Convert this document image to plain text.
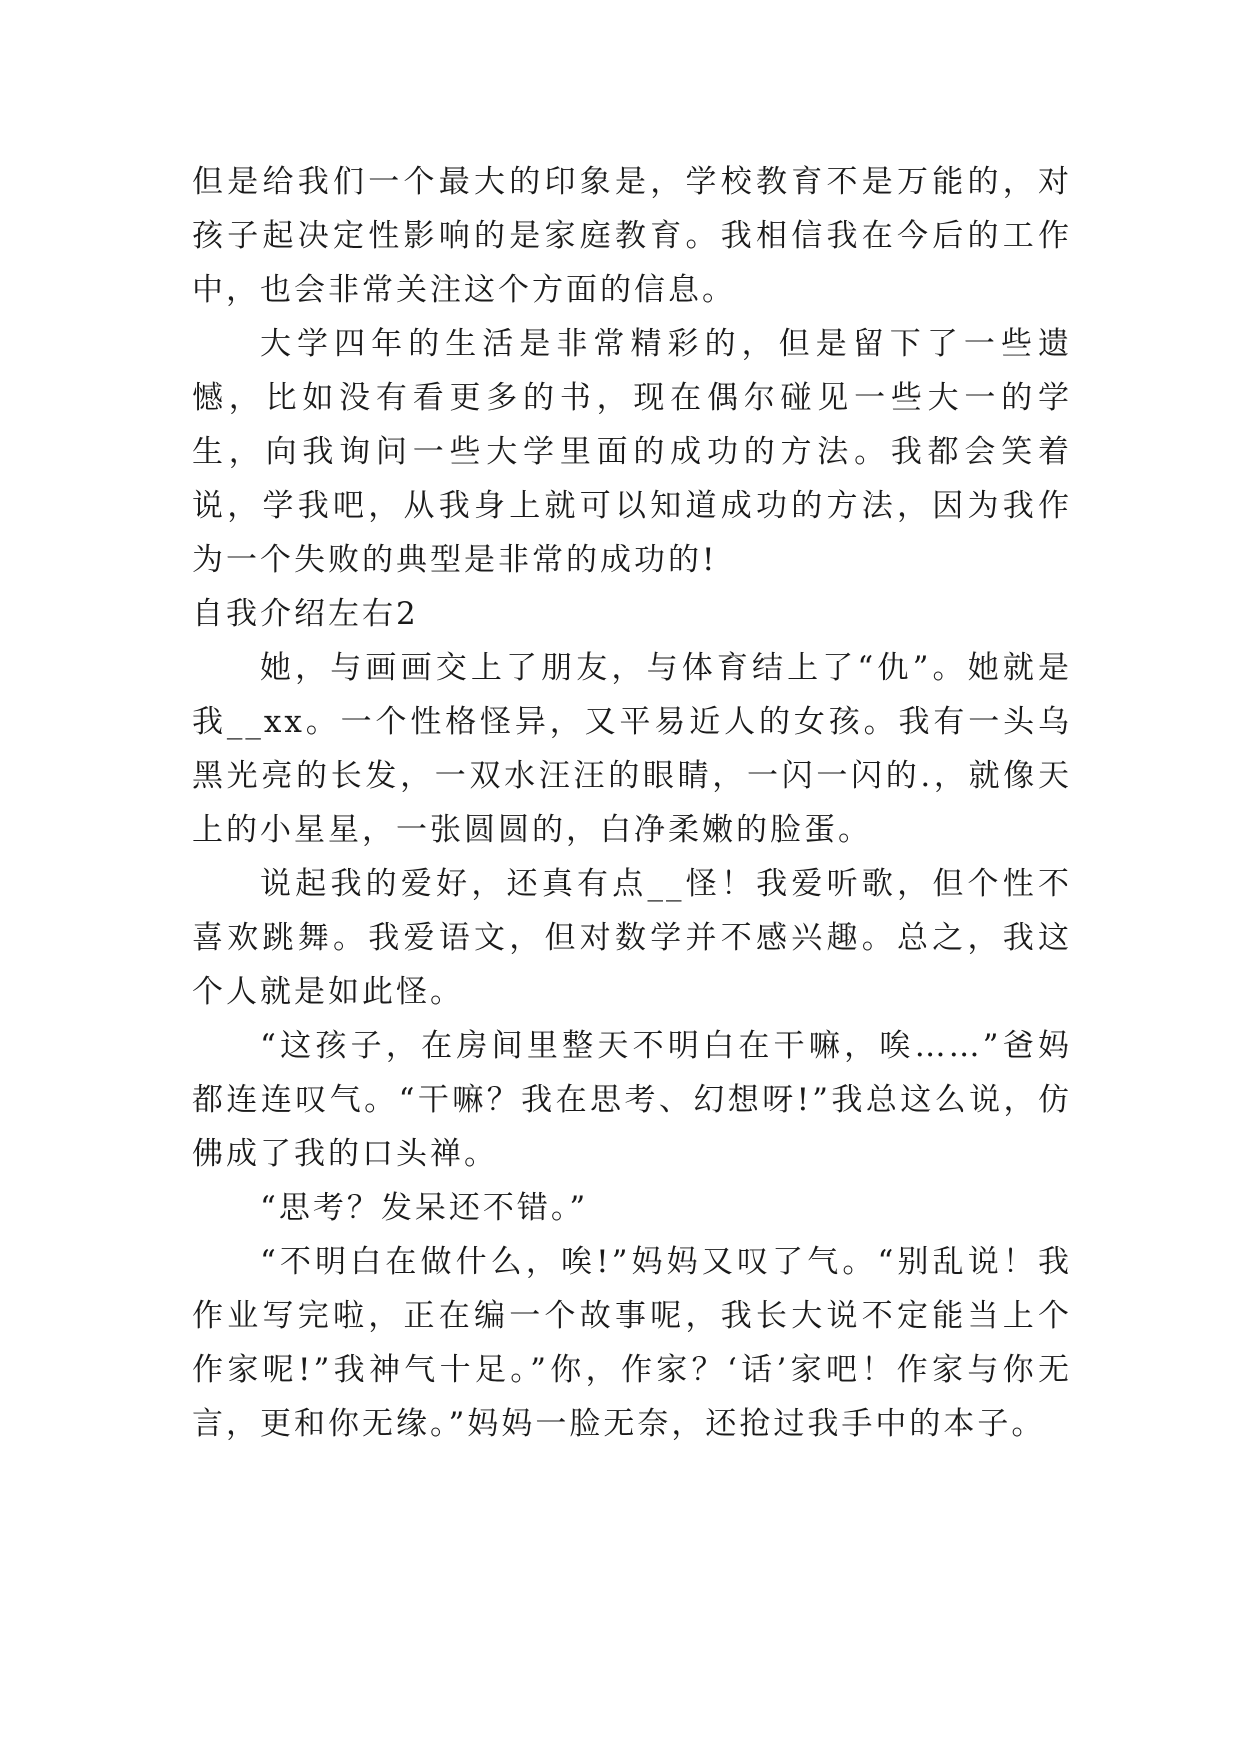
但是给我们一个最大的印象是，学校教育不是万能的，对孩子起决定性影响的是家庭教育。我相信我在今后的工作中，也会非常关注这个方面的信息。

大学四年的生活是非常精彩的，但是留下了一些遗憾，比如没有看更多的书，现在偶尔碰见一些大一的学生，向我询问一些大学里面的成功的方法。我都会笑着说，学我吧，从我身上就可以知道成功的方法，因为我作为一个失败的典型是非常的成功的!

自我介绍左右2

她，与画画交上了朋友，与体育结上了“仇”。她就是我__xx。一个性格怪异，又平易近人的女孩。我有一头乌黑光亮的长发，一双水汪汪的眼睛，一闪一闪的.，就像天上的小星星，一张圆圆的，白净柔嫩的脸蛋。

说起我的爱好，还真有点__怪！我爱听歌，但个性不喜欢跳舞。我爱语文，但对数学并不感兴趣。总之，我这个人就是如此怪。

“这孩子，在房间里整天不明白在干嘛，唉……”爸妈都连连叹气。“干嘛？我在思考、幻想呀!”我总这么说，仿佛成了我的口头禅。

“思考？发呆还不错。”

“不明白在做什么，唉!”妈妈又叹了气。“别乱说！我作业写完啦，正在编一个故事呢，我长大说不定能当上个作家呢!”我神气十足。”你，作家？‘话’家吧！作家与你无言，更和你无缘。”妈妈一脸无奈，还抢过我手中的本子。
